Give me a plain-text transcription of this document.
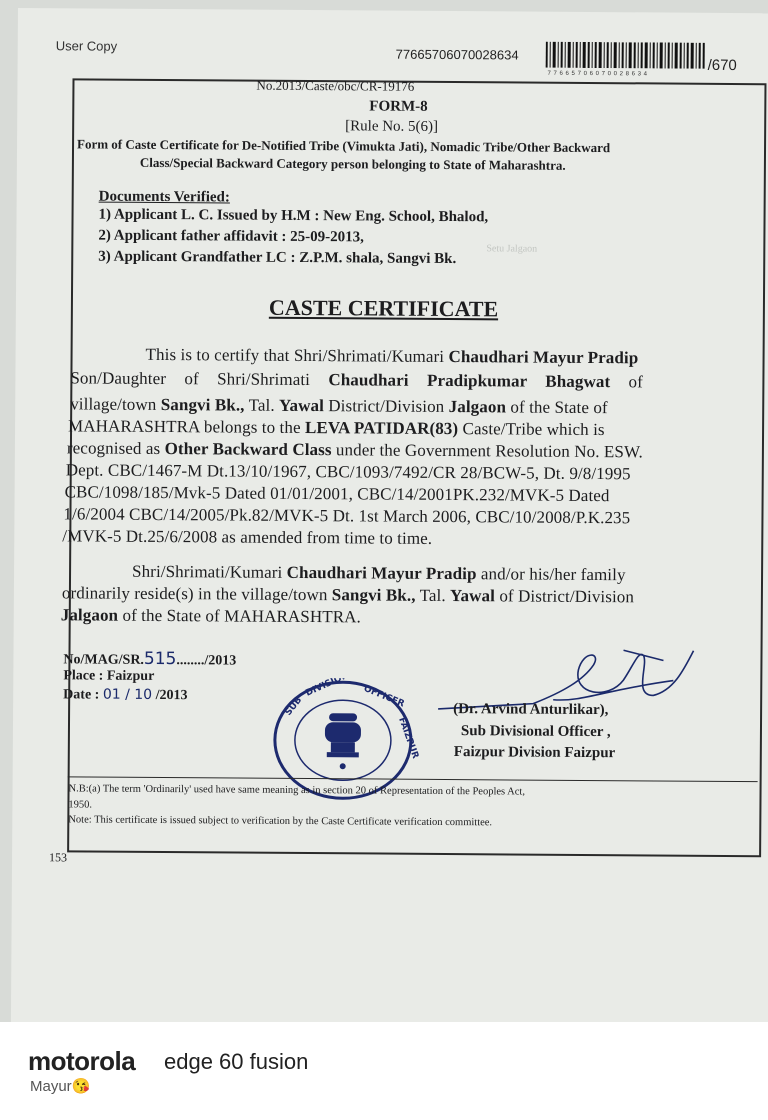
User Copy
77665706070028634
7 7 6 6 5 7 0 6 0 7 0 0 2 8 6 3 4
/670
No.2013/Caste/obc/CR-19176
FORM-8
[Rule No. 5(6)]
Form of Caste Certificate for De-Notified Tribe (Vimukta Jati), Nomadic Tribe/Other Backward
Class/Special Backward Category person belonging to State of Maharashtra.
Documents Verified:
1) Applicant L. C. Issued by H.M : New Eng. School, Bhalod,
2) Applicant father affidavit : 25-09-2013,
3) Applicant Grandfather LC : Z.P.M. shala, Sangvi Bk.
CASTE CERTIFICATE
This is to certify that Shri/Shrimati/Kumari Chaudhari Mayur Pradip
Son/Daughter of Shri/Shrimati Chaudhari Pradipkumar Bhagwat of
village/town Sangvi Bk., Tal. Yawal District/Division Jalgaon of the State of
MAHARASHTRA belongs to the LEVA PATIDAR(83) Caste/Tribe which is
recognised as Other Backward Class under the Government Resolution No. ESW.
Dept. CBC/1467-M Dt.13/10/1967, CBC/1093/7492/CR 28/BCW-5, Dt. 9/8/1995
CBC/1098/185/Mvk-5 Dated 01/01/2001, CBC/14/2001PK.232/MVK-5 Dated
1/6/2004 CBC/14/2005/Pk.82/MVK-5 Dt. 1st March 2006, CBC/10/2008/P.K.235
/MVK-5 Dt.25/6/2008 as amended from time to time.
Shri/Shrimati/Kumari Chaudhari Mayur Pradip and/or his/her family
ordinarily reside(s) in the village/town Sangvi Bk., Tal. Yawal of District/Division
Jalgaon of the State of MAHARASHTRA.
No/MAG/SR.515......../2013
Place : Faizpur
Date : 01 / 10 /2013	SUB
DIVISIONAL OFFICER
FAIZPUR
(Dr. Arvind Anturlikar),
Sub Divisional Officer ,
Faizpur Division Faizpur
N.B:(a) The term 'Ordinarily' used have same meaning as in section 20 of Representation of the Peoples Act,
1950.
Note: This certificate is issued subject to verification by the Caste Certificate verification committee.
153
Setu Jalgaon
motorola edge 60 fusion
Mayur😘
